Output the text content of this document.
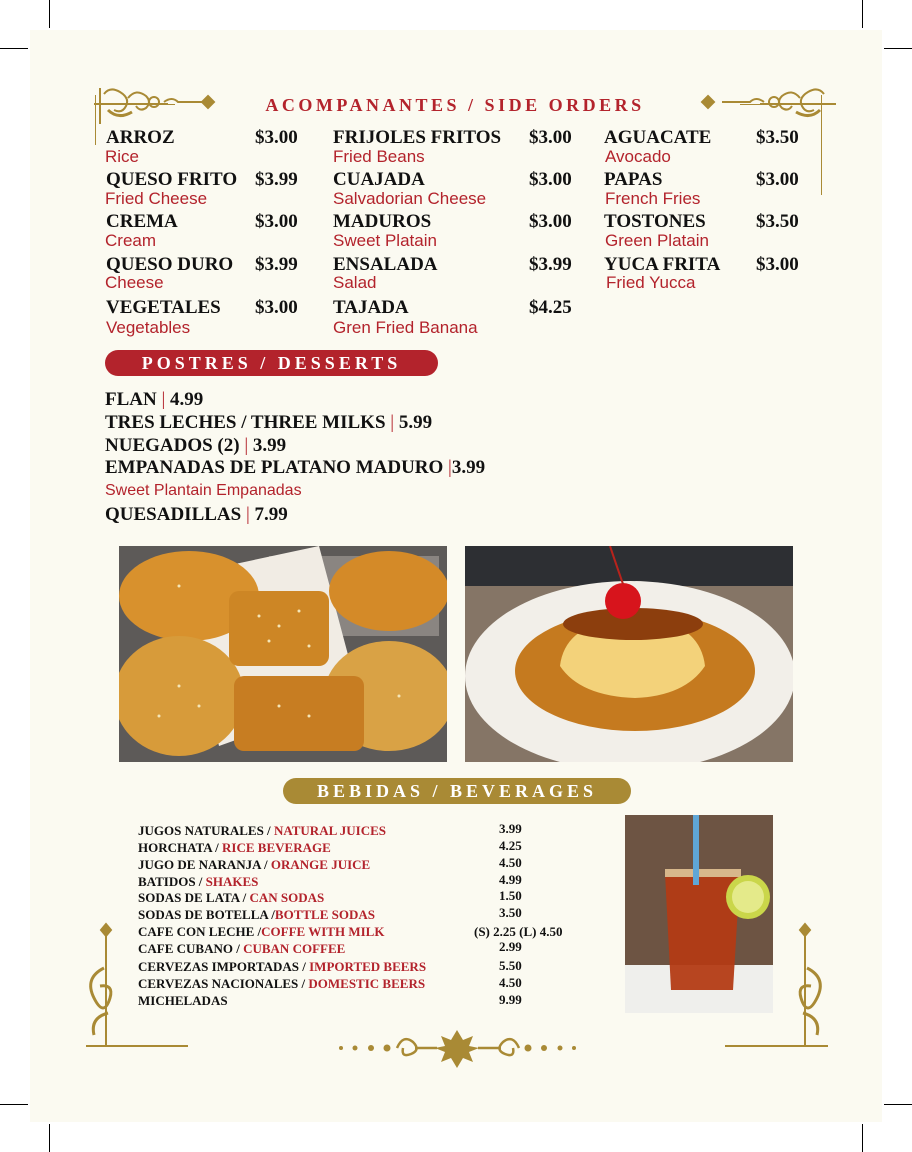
ACOMPANANTES / SIDE ORDERS
ARROZ	$3.00
Rice
QUESO FRITO $3.99
Fried Cheese
CREMA	$3.00
Cream
QUESO DURO $3.99
Cheese
VEGETALES $3.00
Vegetables
FRIJOLES FRITOS $3.00
Fried Beans
CUAJADA	$3.00
Salvadorian Cheese
MADUROS	$3.00
Sweet Platain
ENSALADA	$3.99
Salad
TAJADA	$4.25
Gren Fried Banana
AGUACATE $3.50
Avocado
PAPAS	$3.00
French Fries
TOSTONES	$3.50
Green Platain
YUCA FRITA $3.00
Fried Yucca
POSTRES / DESSERTS
FLAN | 4.99
TRES LECHES / THREE MILKS | 5.99
NUEGADOS (2) | 3.99
EMPANADAS DE PLATANO MADURO |3.99
Sweet Plantain Empanadas
QUESADILLAS | 7.99
BEBIDAS / BEVERAGES
JUGOS NATURALES / NATURAL JUICES	3.99
HORCHATA / RICE BEVERAGE	4.25
JUGO DE NARANJA / ORANGE JUICE	4.50
BATIDOS / SHAKES	4.99
SODAS DE LATA / CAN SODAS	1.50
SODAS DE BOTELLA /BOTTLE SODAS	3.50
CAFE CON LECHE /COFFE WITH MILK	(S) 2.25 (L) 4.50
CAFE CUBANO / CUBAN COFFEE	2.99
CERVEZAS IMPORTADAS / IMPORTED BEERS	5.50
CERVEZAS NACIONALES / DOMESTIC BEERS	4.50
MICHELADAS	9.99
